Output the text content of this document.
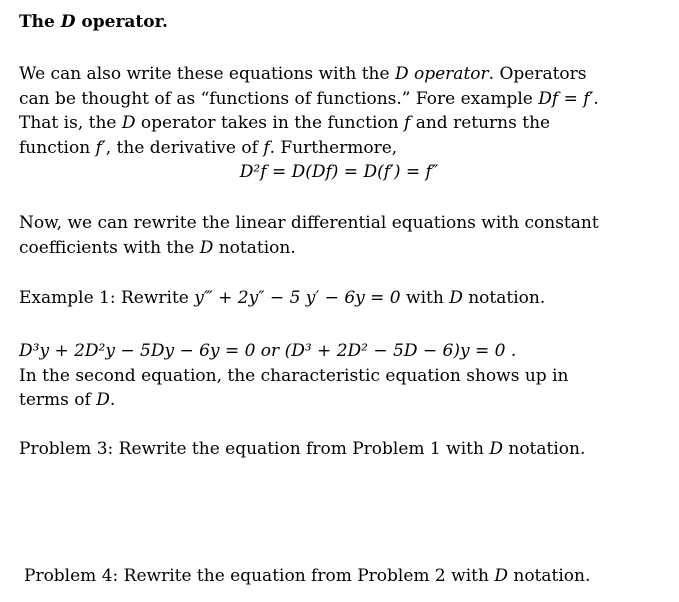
The D operator.
We can also write these equations with the D operator. Operators
can be thought of as “functions of functions.” Fore example Df = f′.
That is, the D operator takes in the function f and returns the
function f′, the derivative of f. Furthermore,
D²f = D(Df) = D(f′) = f″
Now, we can rewrite the linear differential equations with constant
coefficients with the D notation.
Example 1: Rewrite y‴ + 2y″ − 5 y′ − 6y = 0 with D notation.
D³y + 2D²y − 5Dy − 6y = 0 or (D³ + 2D² − 5D − 6)y = 0 .
In the second equation, the characteristic equation shows up in
terms of D.
Problem 3: Rewrite the equation from Problem 1 with D notation.
Problem 4: Rewrite the equation from Problem 2 with D notation.
